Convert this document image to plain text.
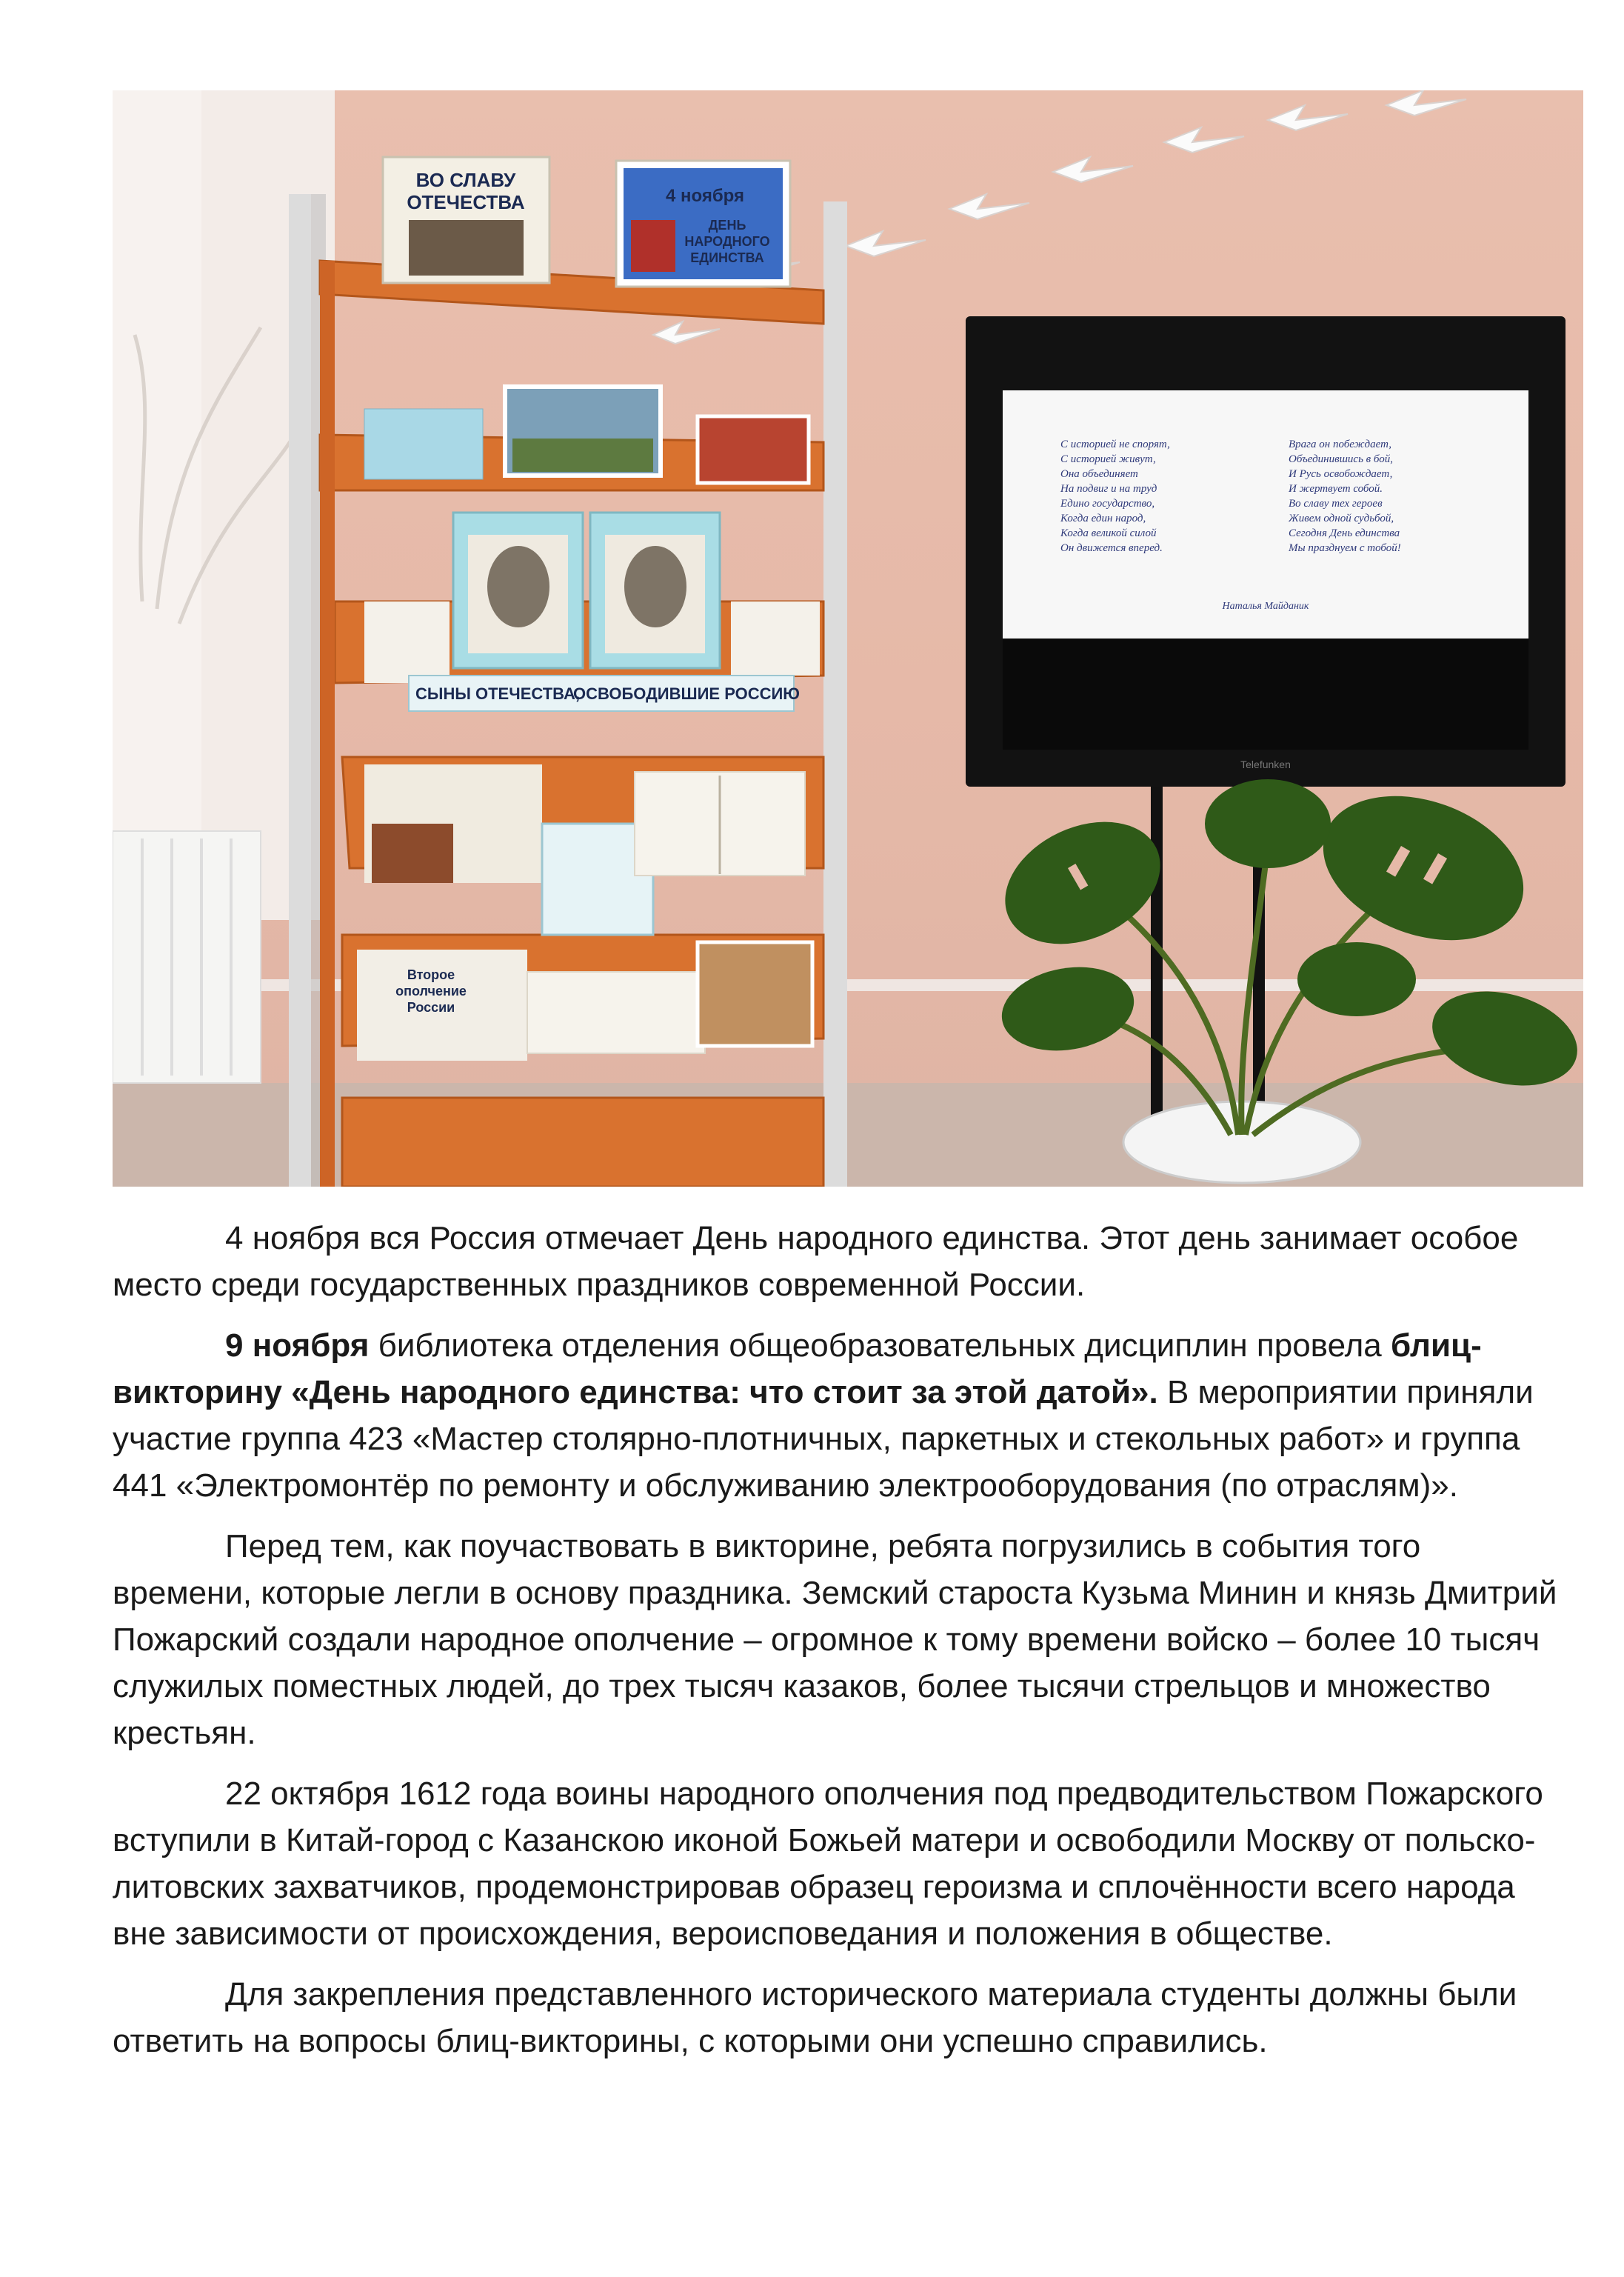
ВО СЛАВУ
ОТЕЧЕСТВА	4 ноября
ДЕНЬ
НАРОДНОГО
ЕДИНСТВА
СЫНЫ ОТЕЧЕСТВА,
ОСВОБОДИВШИЕ РОССИЮ
Второе
ополчение
России
Telefunken
С историей не спорят,
С историей живут,
Она объединяет
На подвиг и на труд
Едино государство,
Когда един народ,
Когда великой силой
Он движется вперед.
Врага он побеждает,
Объединившись в бой,
И Русь освобождает,
И жертвует собой.
Во славу тех героев
Живем одной судьбой,
Сегодня День единства
Мы празднуем с тобой!
Наталья Майданик

4 ноября вся Россия отмечает День народного единства. Этот день занимает особое место среди государственных праздников современной России.

9 ноября библиотека отделения общеобразовательных дисциплин провела блиц-викторину «День народного единства: что стоит за этой датой». В мероприятии приняли участие группа 423 «Мастер столярно-плотничных, паркетных и стекольных работ» и группа 441 «Электромонтёр по ремонту и обслуживанию электрооборудования (по отраслям)».

Перед тем, как поучаствовать в викторине, ребята погрузились в события того времени, которые легли в основу праздника. Земский староста Кузьма Минин и князь Дмитрий Пожарский создали народное ополчение – огромное к тому времени войско – более 10 тысяч служилых поместных людей, до трех тысяч казаков, более тысячи стрельцов и множество крестьян.

22 октября 1612 года воины народного ополчения под предводительством Пожарского вступили в Китай-город с Казанскою иконой Божьей матери и освободили Москву от польско-литовских захватчиков, продемонстрировав образец героизма и сплочённости всего народа вне зависимости от происхождения, вероисповедания и положения в обществе.

Для закрепления представленного исторического материала студенты должны были ответить на вопросы блиц-викторины, с которыми они успешно справились.
